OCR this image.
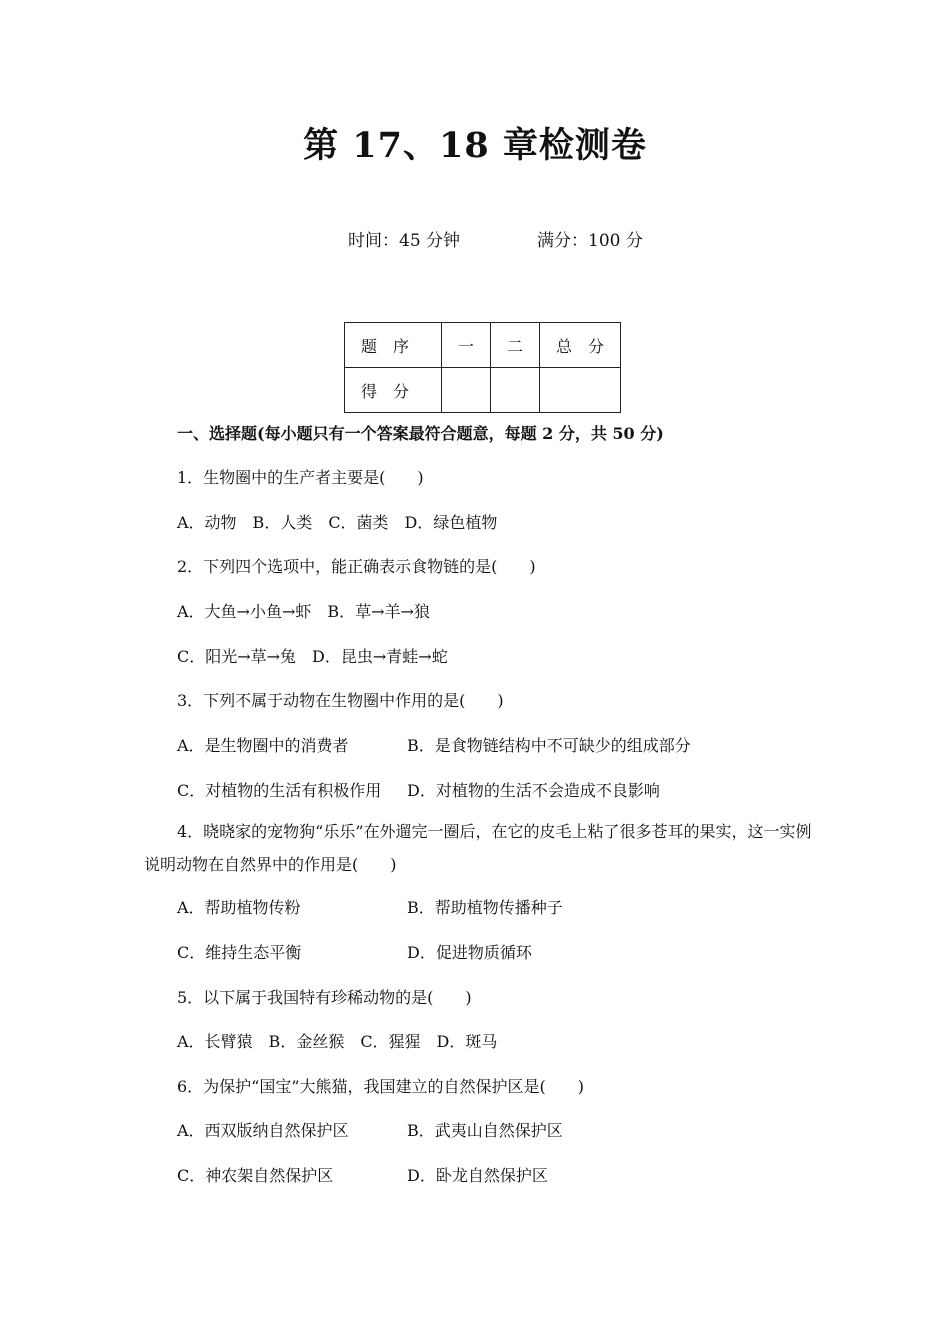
第 17、18 章检测卷
时间：45 分钟	满分：100 分
题　序	一	二	总　分
得　分			
一、选择题(每小题只有一个答案最符合题意，每题 2 分，共 50 分)
1．生物圈中的生产者主要是(　　)
A．动物　B．人类　C．菌类　D．绿色植物
2．下列四个选项中，能正确表示食物链的是(　　)
A．大鱼→小鱼→虾　B．草→羊→狼
C．阳光→草→兔　D．昆虫→青蛙→蛇
3．下列不属于动物在生物圈中作用的是(　　)
A．是生物圈中的消费者	B．是食物链结构中不可缺少的组成部分
C．对植物的生活有积极作用 D．对植物的生活不会造成不良影响
4．晓晓家的宠物狗“乐乐”在外遛完一圈后，在它的皮毛上粘了很多苍耳的果实，这一实例说明动物在自然界中的作用是(　　)
A．帮助植物传粉	B．帮助植物传播种子
C．维持生态平衡	D．促进物质循环
5．以下属于我国特有珍稀动物的是(　　)
A．长臂猿　B．金丝猴　C．猩猩　D．斑马
6．为保护“国宝”大熊猫，我国建立的自然保护区是(　　)
A．西双版纳自然保护区	B．武夷山自然保护区
C．神农架自然保护区	D．卧龙自然保护区
